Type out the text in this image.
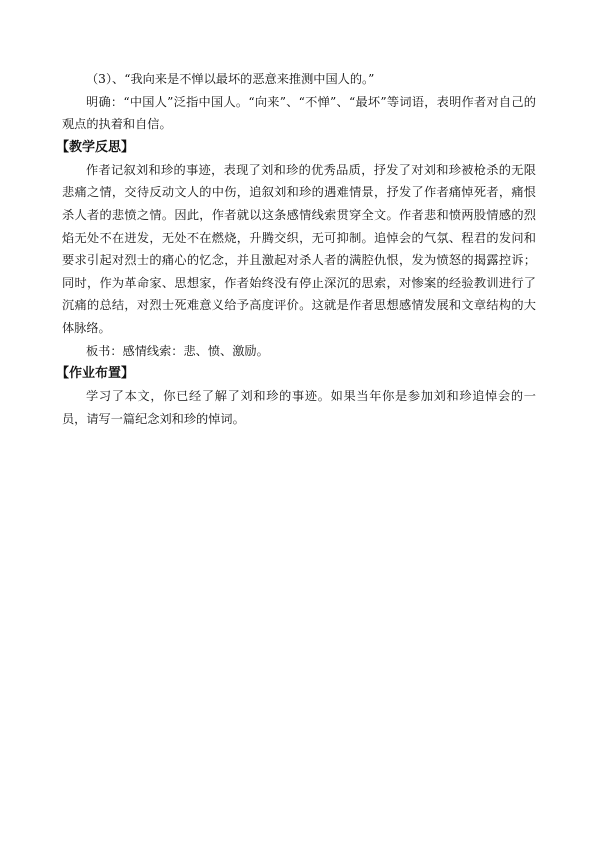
（3）、“我向来是不惮以最坏的恶意来推测中国人的。”

明确：“中国人”泛指中国人。“向来”、“不惮”、“最坏”等词语，表明作者对自己的观点的执着和自信。

【教学反思】

作者记叙刘和珍的事迹，表现了刘和珍的优秀品质，抒发了对刘和珍被枪杀的无限悲痛之情，交待反动文人的中伤，追叙刘和珍的遇难情景，抒发了作者痛悼死者，痛恨杀人者的悲愤之情。因此，作者就以这条感情线索贯穿全文。作者悲和愤两股情感的烈焰无处不在迸发，无处不在燃烧，升腾交织，无可抑制。追悼会的气氛、程君的发问和要求引起对烈士的痛心的忆念，并且激起对杀人者的满腔仇恨，发为愤怒的揭露控诉；同时，作为革命家、思想家，作者始终没有停止深沉的思索，对惨案的经验教训进行了沉痛的总结，对烈士死难意义给予高度评价。这就是作者思想感情发展和文章结构的大体脉络。

板书：感情线索：悲、愤、激励。

【作业布置】

学习了本文，你已经了解了刘和珍的事迹。如果当年你是参加刘和珍追悼会的一员，请写一篇纪念刘和珍的悼词。
